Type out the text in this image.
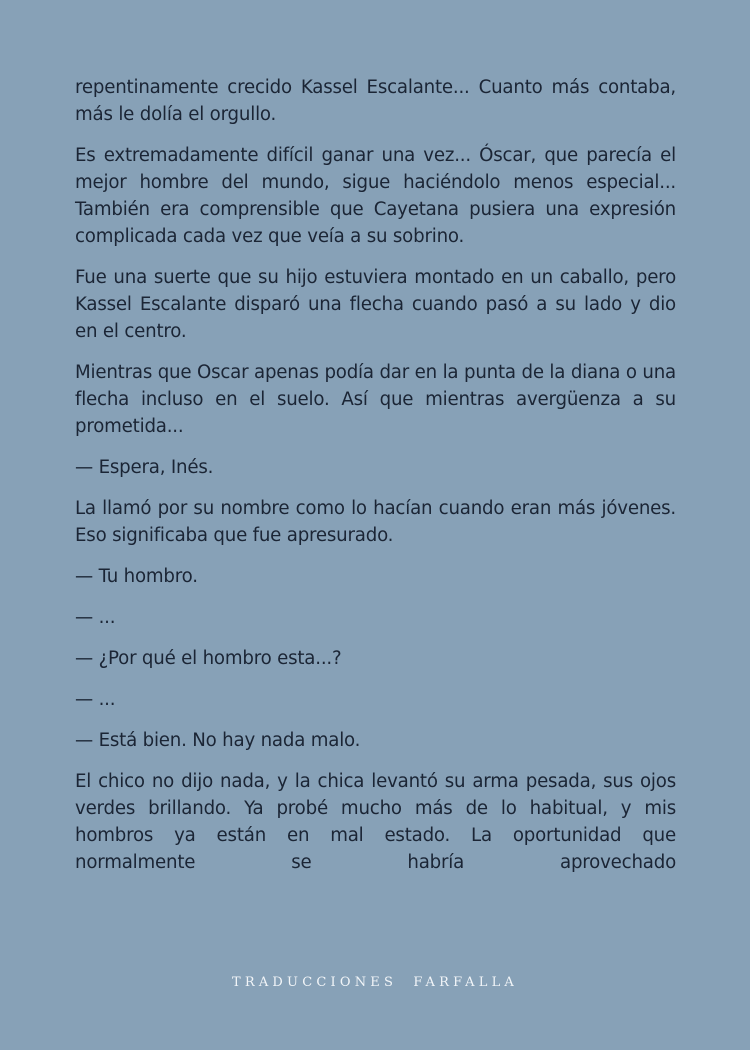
repentinamente crecido Kassel Escalante... Cuanto más contaba, más le dolía el orgullo.

Es extremadamente difícil ganar una vez... Óscar, que parecía el mejor hombre del mundo, sigue haciéndolo menos especial... También era comprensible que Cayetana pusiera una expresión complicada cada vez que veía a su sobrino.

Fue una suerte que su hijo estuviera montado en un caballo, pero Kassel Escalante disparó una flecha cuando pasó a su lado y dio en el centro.

Mientras que Oscar apenas podía dar en la punta de la diana o una flecha incluso en el suelo. Así que mientras avergüenza a su prometida...

— Espera, Inés.

La llamó por su nombre como lo hacían cuando eran más jóvenes. Eso significaba que fue apresurado.

— Tu hombro.

— ...

— ¿Por qué el hombro esta...?

— ...

— Está bien. No hay nada malo.

El chico no dijo nada, y la chica levantó su arma pesada, sus ojos verdes brillando. Ya probé mucho más de lo habitual, y mis hombros ya están en mal estado. La oportunidad que normalmente se habría aprovechado

TRADUCCIONES FARFALLA
